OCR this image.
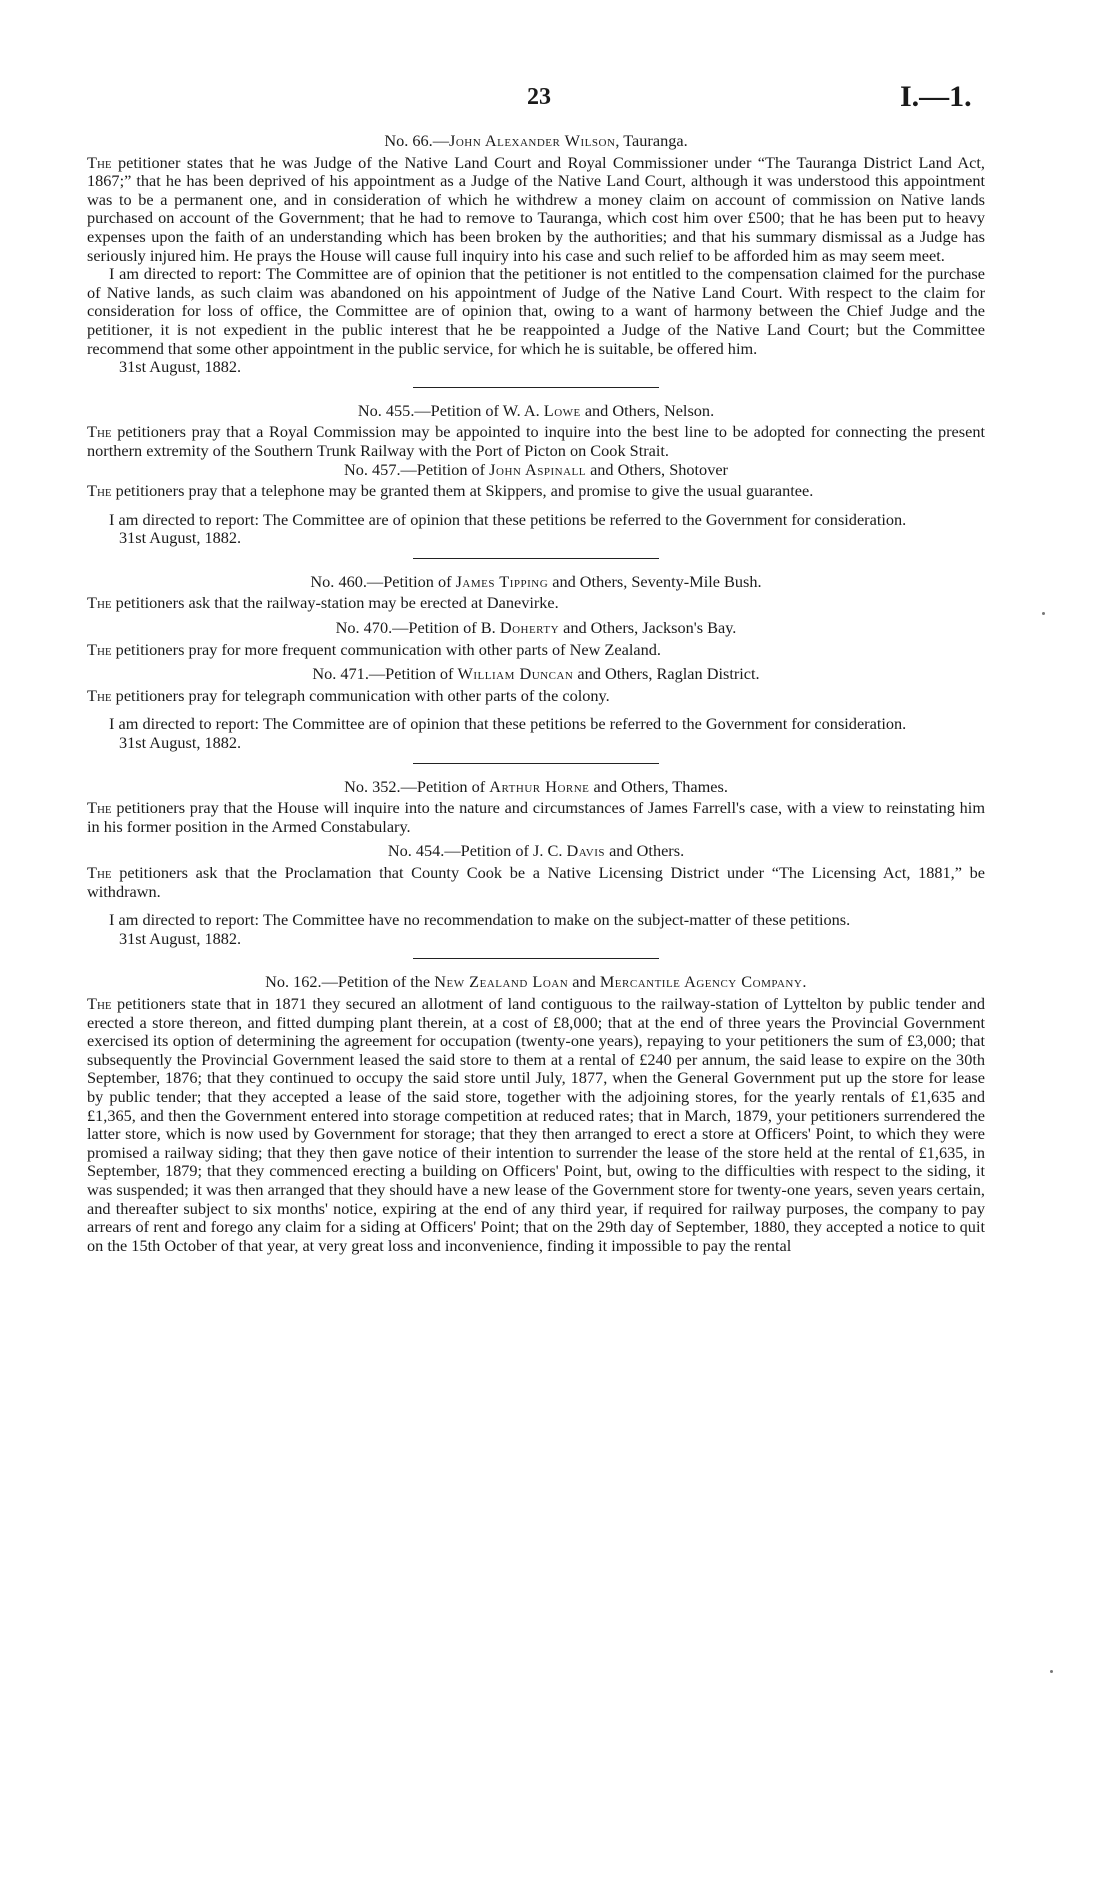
23	I.—1.

No. 66.—John Alexander Wilson, Tauranga.

The petitioner states that he was Judge of the Native Land Court and Royal Commissioner under “The Tauranga District Land Act, 1867;” that he has been deprived of his appointment as a Judge of the Native Land Court, although it was understood this appointment was to be a permanent one, and in consideration of which he withdrew a money claim on account of commission on Native lands purchased on account of the Government; that he had to remove to Tauranga, which cost him over £500; that he has been put to heavy expenses upon the faith of an understanding which has been broken by the authorities; and that his summary dismissal as a Judge has seriously injured him. He prays the House will cause full inquiry into his case and such relief to be afforded him as may seem meet.

I am directed to report: The Committee are of opinion that the petitioner is not entitled to the compensation claimed for the purchase of Native lands, as such claim was abandoned on his appointment of Judge of the Native Land Court. With respect to the claim for consideration for loss of office, the Committee are of opinion that, owing to a want of harmony between the Chief Judge and the petitioner, it is not expedient in the public interest that he be reappointed a Judge of the Native Land Court; but the Committee recommend that some other appointment in the public service, for which he is suitable, be offered him.

31st August, 1882.

No. 455.—Petition of W. A. Lowe and Others, Nelson.

The petitioners pray that a Royal Commission may be appointed to inquire into the best line to be adopted for connecting the present northern extremity of the Southern Trunk Railway with the Port of Picton on Cook Strait.

No. 457.—Petition of John Aspinall and Others, Shotover

The petitioners pray that a telephone may be granted them at Skippers, and promise to give the usual guarantee.

I am directed to report: The Committee are of opinion that these petitions be referred to the Government for consideration.

31st August, 1882.

No. 460.—Petition of James Tipping and Others, Seventy-Mile Bush.

The petitioners ask that the railway-station may be erected at Danevirke.

No. 470.—Petition of B. Doherty and Others, Jackson's Bay.

The petitioners pray for more frequent communication with other parts of New Zealand.

No. 471.—Petition of William Duncan and Others, Raglan District.

The petitioners pray for telegraph communication with other parts of the colony.

I am directed to report: The Committee are of opinion that these petitions be referred to the Government for consideration.

31st August, 1882.

No. 352.—Petition of Arthur Horne and Others, Thames.

The petitioners pray that the House will inquire into the nature and circumstances of James Farrell's case, with a view to reinstating him in his former position in the Armed Constabulary.

No. 454.—Petition of J. C. Davis and Others.

The petitioners ask that the Proclamation that County Cook be a Native Licensing District under “The Licensing Act, 1881,” be withdrawn.

I am directed to report: The Committee have no recommendation to make on the subject-matter of these petitions.

31st August, 1882.

No. 162.—Petition of the New Zealand Loan and Mercantile Agency Company.

The petitioners state that in 1871 they secured an allotment of land contiguous to the railway-station of Lyttelton by public tender and erected a store thereon, and fitted dumping plant therein, at a cost of £8,000; that at the end of three years the Provincial Government exercised its option of determining the agreement for occupation (twenty-one years), repaying to your petitioners the sum of £3,000; that subsequently the Provincial Government leased the said store to them at a rental of £240 per annum, the said lease to expire on the 30th September, 1876; that they continued to occupy the said store until July, 1877, when the General Government put up the store for lease by public tender; that they accepted a lease of the said store, together with the adjoining stores, for the yearly rentals of £1,635 and £1,365, and then the Government entered into storage competition at reduced rates; that in March, 1879, your petitioners surrendered the latter store, which is now used by Government for storage; that they then arranged to erect a store at Officers' Point, to which they were promised a railway siding; that they then gave notice of their intention to surrender the lease of the store held at the rental of £1,635, in September, 1879; that they commenced erecting a building on Officers' Point, but, owing to the difficulties with respect to the siding, it was suspended; it was then arranged that they should have a new lease of the Government store for twenty-one years, seven years certain, and thereafter subject to six months' notice, expiring at the end of any third year, if required for railway purposes, the company to pay arrears of rent and forego any claim for a siding at Officers' Point; that on the 29th day of September, 1880, they accepted a notice to quit on the 15th October of that year, at very great loss and inconvenience, finding it impossible to pay the rental
